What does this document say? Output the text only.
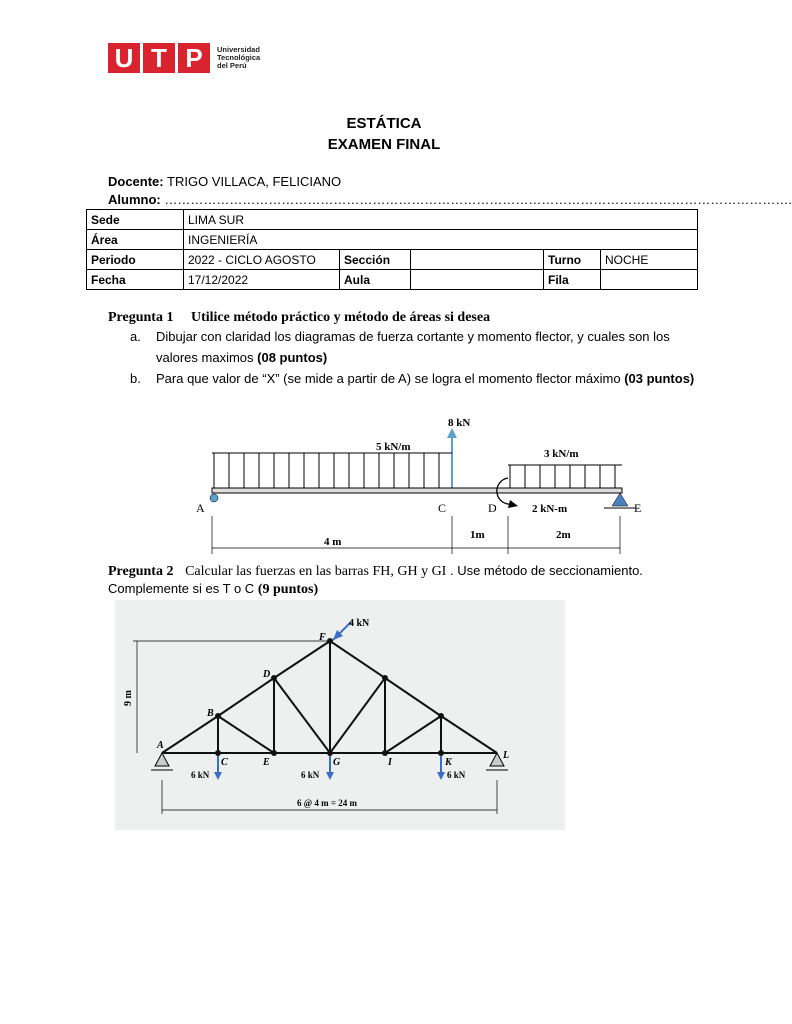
U T P	Universidad
Tecnológica
del Perú
ESTÁTICA
EXAMEN FINAL
Docente: TRIGO VILLACA, FELICIANO
Alumno: ……………………………………………………………………………………………………………………………….
Sede	LIMA SUR				
Área	INGENIERÍA				
Periodo	2022 - CICLO AGOSTO	Sección		Turno	NOCHE
Fecha	17/12/2022	Aula		Fila	
Pregunta 1 Utilice método práctico y método de áreas si desea
a. Dibujar con claridad los diagramas de fuerza cortante y momento flector, y cuales son los valores maximos (08 puntos)
b. Para que valor de “X” (se mide a partir de A) se logra el momento flector máximo (03 puntos)
8 kN
5 kN/m
3 kN/m
2 kN-m
A	C	D	E
4 m
1m	2m
Pregunta 2 Calcular las fuerzas en las barras FH, GH y GI . Use método de seccionamiento. Complemente si es T o C (9 puntos)
4 kN
9 m
6 kN	6 kN	6 kN
A
B
C
D
E
F
G	I	K
L
6 @ 4 m = 24 m
